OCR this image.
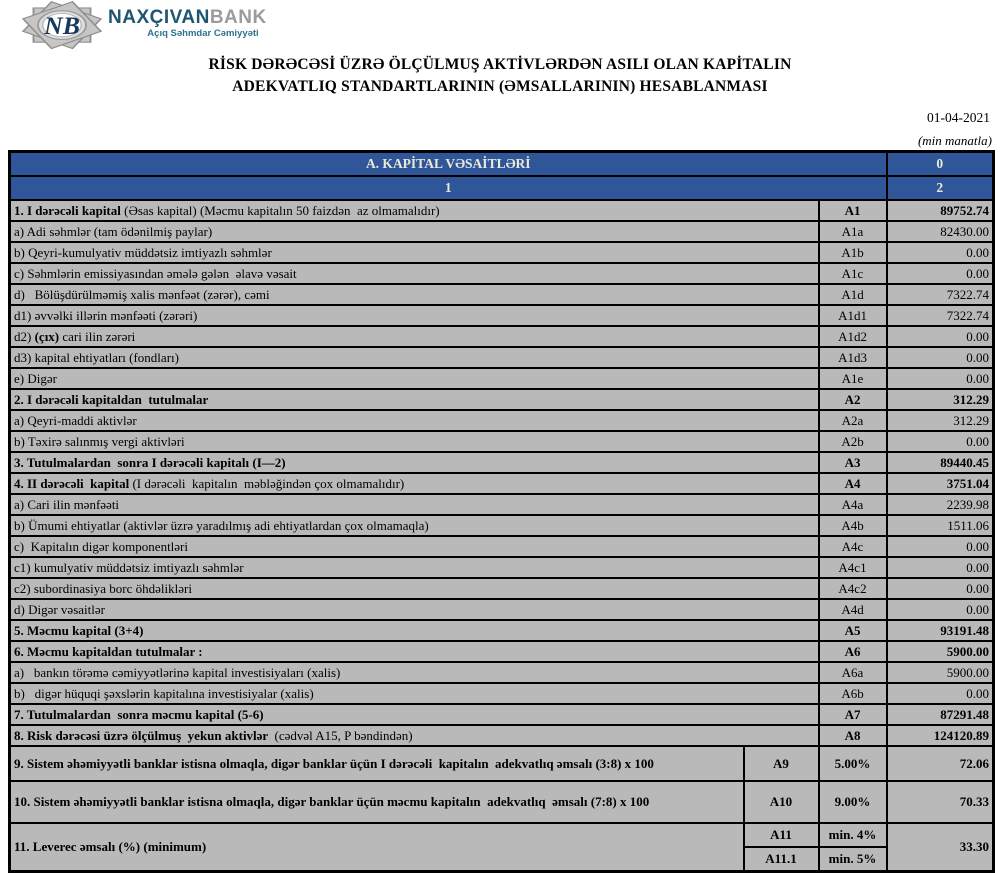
NB NAXÇIVANBANK
Açıq Səhmdar Cəmiyyəti
RİSK DƏRƏCƏSİ ÜZRƏ ÖLÇÜLMUŞ AKTİVLƏRDƏN ASILI OLAN KAPİTALIN
ADEKVATLIQ STANDARTLARININ (ƏMSALLARININ) HESABLANMASI
01-04-2021
(min manatla)
A. KAPİTAL VƏSAİTLƏRİ			0
1			2
1. I dərəcəli kapital (Əsas kapital) (Məcmu kapitalın 50 faizdən  az olmamalıdır)		A1	89752.74
a) Adi səhmlər (tam ödənilmiş paylar)		A1a	82430.00
b) Qeyri-kumulyativ müddətsiz imtiyazlı səhmlər		A1b	0.00
c) Səhmlərin emissiyasından əmələ gələn  əlavə vəsait		A1c	0.00
d)   Bölüşdürülməmiş xalis mənfəət (zərər), cəmi		A1d	7322.74
d1) əvvəlki illərin mənfəəti (zərəri)		A1d1	7322.74
d2) (çıx) cari ilin zərəri		A1d2	0.00
d3) kapital ehtiyatları (fondları)		A1d3	0.00
e) Digər		A1e	0.00
2. I dərəcəli kapitaldan  tutulmalar		A2	312.29
a) Qeyri-maddi aktivlər		A2a	312.29
b) Təxirə salınmış vergi aktivləri		A2b	0.00
3. Tutulmalardan  sonra I dərəcəli kapitalı (I—2)		A3	89440.45
4. II dərəcəli  kapital (I dərəcəli  kapitalın  məbləğindən çox olmamalıdır)		A4	3751.04
a) Cari ilin mənfəəti		A4a	2239.98
b) Ümumi ehtiyatlar (aktivlər üzrə yaradılmış adi ehtiyatlardan çox olmamaqla)		A4b	1511.06
c)  Kapitalın digər komponentləri		A4c	0.00
c1) kumulyativ müddətsiz imtiyazlı səhmlər		A4c1	0.00
c2) subordinasiya borc öhdəlikləri		A4c2	0.00
d) Digər vəsaitlər		A4d	0.00
5. Məcmu kapital (3+4)		A5	93191.48
6. Məcmu kapitaldan tutulmalar :		A6	5900.00
a)   bankın törəmə cəmiyyətlərinə kapital investisiyaları (xalis)		A6a	5900.00
b)   digər hüquqi şəxslərin kapitalına investisiyalar (xalis)		A6b	0.00
7. Tutulmalardan  sonra məcmu kapital (5-6)		A7	87291.48
8. Risk dərəcəsi üzrə ölçülmuş  yekun aktivlər  (cədvəl A15, P bəndindən)		A8	124120.89
9. Sistem əhəmiyyətli banklar istisna olmaqla, digər banklar üçün I dərəcəli  kapitalın  adekvatlıq əmsalı (3:8) x 100	A9	5.00%	72.06
10. Sistem əhəmiyyətli banklar istisna olmaqla, digər banklar üçün məcmu kapitalın  adekvatlıq  əmsalı (7:8) x 100	A10	9.00%	70.33
11. Leverec əmsalı (%) (minimum)	A11	min. 4%	33.30
	A11.1	min. 5%	
